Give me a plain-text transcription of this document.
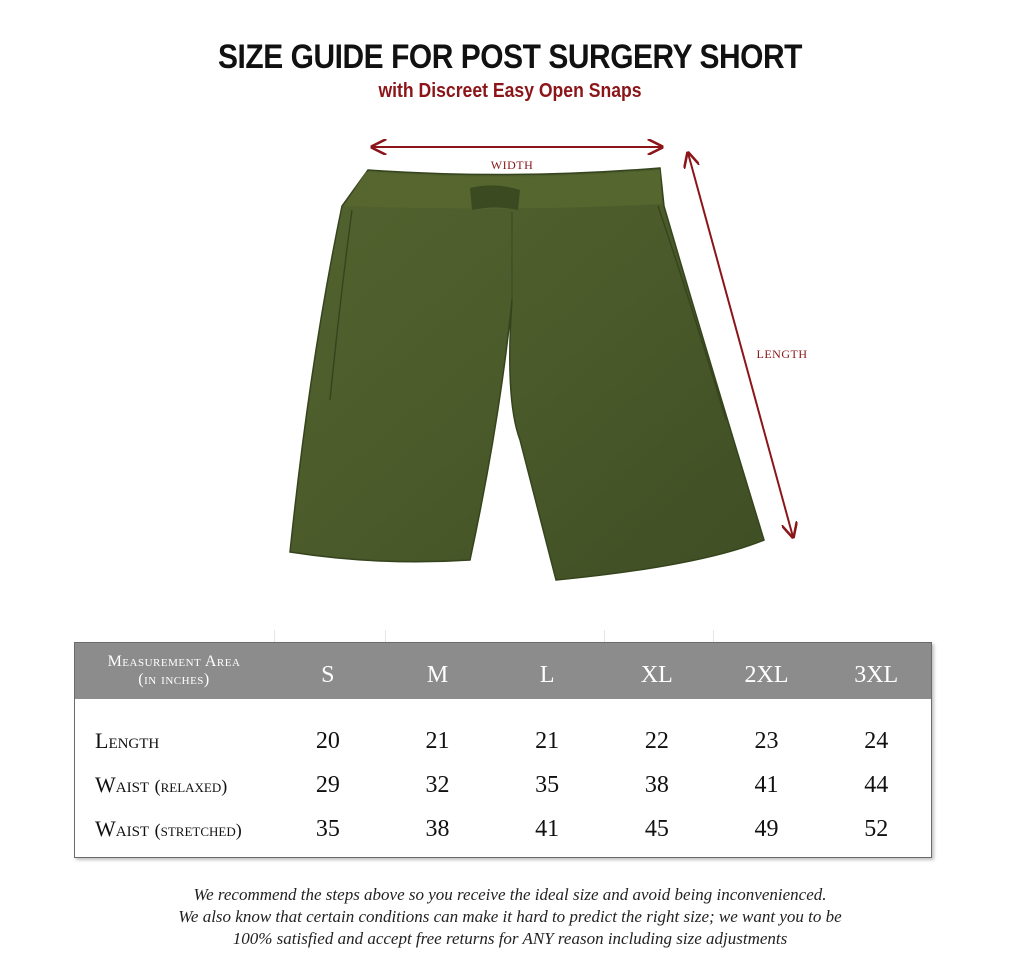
SIZE GUIDE FOR POST SURGERY SHORT
with Discreet Easy Open Snaps
WIDTH
LENGTH
Measurement Area
(in inches)	S	M	L	XL	2XL	3XL
Length	20	21	21	22	23	24
Waist (relaxed)	29	32	35	38	41	44
Waist (stretched)	35	38	41	45	49	52
We recommend the steps above so you receive the ideal size and avoid being inconvenienced.
We also know that certain conditions can make it hard to predict the right size; we want you to be
100% satisfied and accept free returns for ANY reason including size adjustments
